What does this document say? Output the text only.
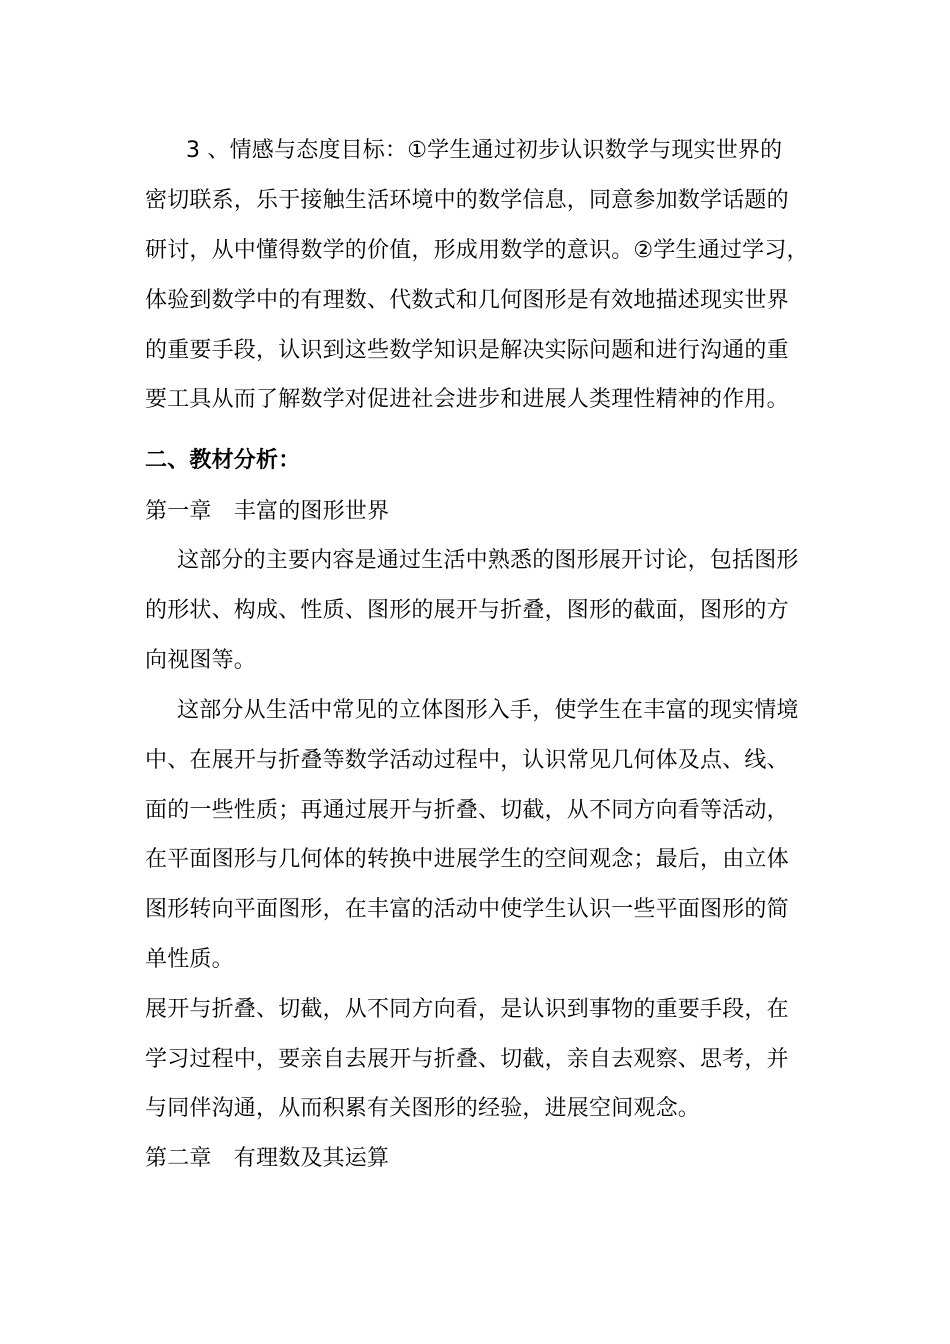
3 、情感与态度目标：①学生通过初步认识数学与现实世界的
密切联系，乐于接触生活环境中的数学信息，同意参加数学话题的
研讨，从中懂得数学的价值，形成用数学的意识。②学生通过学习，
体验到数学中的有理数、代数式和几何图形是有效地描述现实世界
的重要手段，认识到这些数学知识是解决实际问题和进行沟通的重
要工具从而了解数学对促进社会进步和进展人类理性精神的作用。
二、教材分析：
第一章　丰富的图形世界
这部分的主要内容是通过生活中熟悉的图形展开讨论，包括图形
的形状、构成、性质、图形的展开与折叠，图形的截面，图形的方
向视图等。
这部分从生活中常见的立体图形入手，使学生在丰富的现实情境
中、在展开与折叠等数学活动过程中，认识常见几何体及点、线、
面的一些性质；再通过展开与折叠、切截，从不同方向看等活动，
在平面图形与几何体的转换中进展学生的空间观念；最后，由立体
图形转向平面图形，在丰富的活动中使学生认识一些平面图形的简
单性质。
展开与折叠、切截，从不同方向看，是认识到事物的重要手段，在
学习过程中，要亲自去展开与折叠、切截，亲自去观察、思考，并
与同伴沟通，从而积累有关图形的经验，进展空间观念。
第二章　有理数及其运算
